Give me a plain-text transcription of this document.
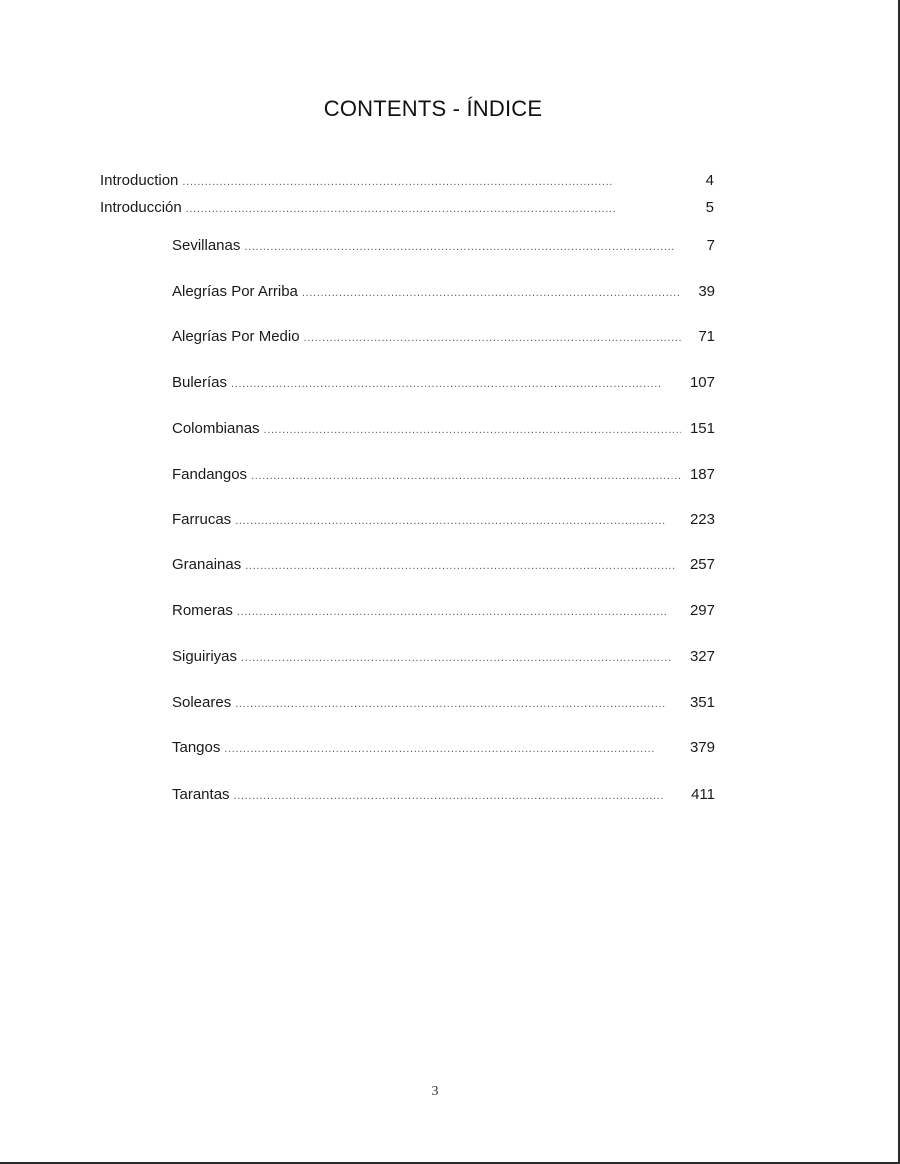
CONTENTS - ÍNDICE
Introduction . . .	4
Introducción . . .	5
Sevillanas . . .	7
Alegrías Por Arriba . . .	39
Alegrías Por Medio . . .	71
Bulerías . . .	107
Colombianas . . .	151
Fandangos . . .	187
Farrucas . . .	223
Granainas . . .	257
Romeras . . .	297
Siguiriyas . . .	327
Soleares . . .	351
Tangos . . .	379
Tarantas . . .	411
3
